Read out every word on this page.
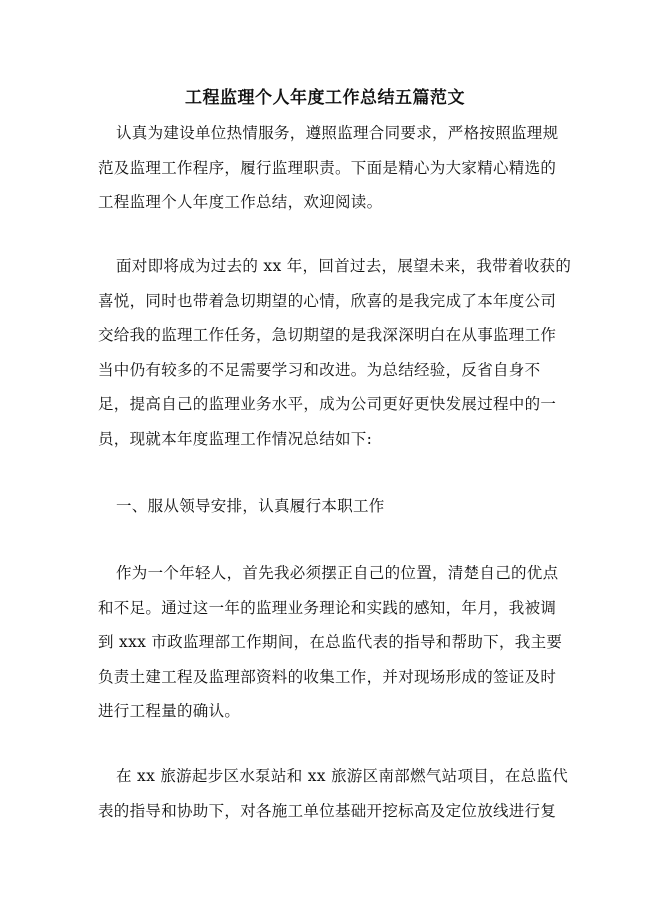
工程监理个人年度工作总结五篇范文

认真为建设单位热情服务，遵照监理合同要求，严格按照监理规
范及监理工作程序，履行监理职责。下面是精心为大家精心精选的
工程监理个人年度工作总结，欢迎阅读。

面对即将成为过去的 xx 年，回首过去，展望未来，我带着收获的
喜悦，同时也带着急切期望的心情，欣喜的是我完成了本年度公司
交给我的监理工作任务，急切期望的是我深深明白在从事监理工作
当中仍有较多的不足需要学习和改进。为总结经验，反省自身不
足，提高自己的监理业务水平，成为公司更好更快发展过程中的一
员，现就本年度监理工作情况总结如下:

一、服从领导安排，认真履行本职工作

作为一个年轻人，首先我必须摆正自己的位置，清楚自己的优点
和不足。通过这一年的监理业务理论和实践的感知，年月，我被调
到 xxx 市政监理部工作期间，在总监代表的指导和帮助下，我主要
负责土建工程及监理部资料的收集工作，并对现场形成的签证及时
进行工程量的确认。

在 xx 旅游起步区水泵站和 xx 旅游区南部燃气站项目，在总监代
表的指导和协助下，对各施工单位基础开挖标高及定位放线进行复
